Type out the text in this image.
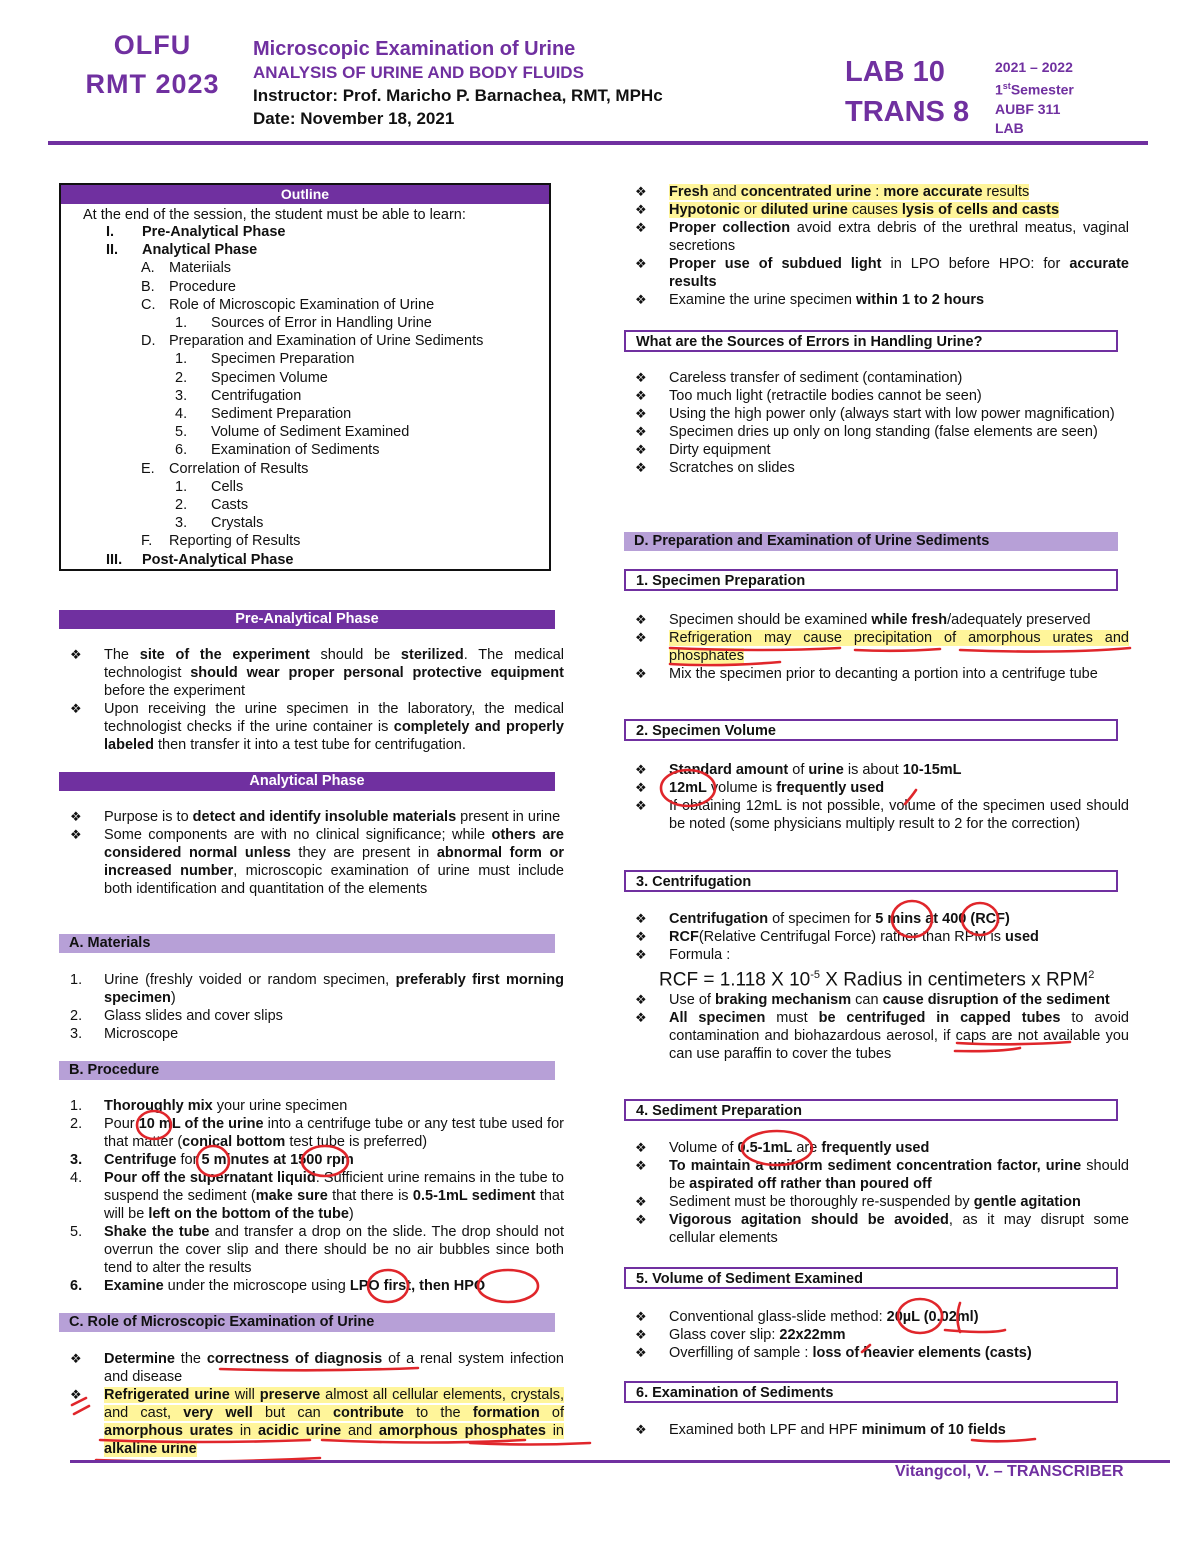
OLFU
RMT 2023
Microscopic Examination of Urine
ANALYSIS OF URINE AND BODY FLUIDS
Instructor: Prof. Maricho P. Barnachea, RMT, MPHc
Date: November 18, 2021
LAB 10
TRANS 8
2021 – 2022
1stSemester
AUBF 311
LAB
Outline
At the end of the session, the student must be able to learn:
I. Pre-Analytical Phase
II. Analytical Phase
A. Materiials
B. Procedure
C. Role of Microscopic Examination of Urine
1. Sources of Error in Handling Urine
D. Preparation and Examination of Urine Sediments
1. Specimen Preparation
2. Specimen Volume
3. Centrifugation
4. Sediment Preparation
5. Volume of Sediment Examined
6. Examination of Sediments
E. Correlation of Results
1. Cells
2. Casts
3. Crystals
F. Reporting of Results
III. Post-Analytical Phase
Pre-Analytical Phase
❖ The site of the experiment should be sterilized. The medical technologist should wear proper personal protective equipment before the experiment
❖ Upon receiving the urine specimen in the laboratory, the medical technologist checks if the urine container is completely and properly labeled then transfer it into a test tube for centrifugation.
Analytical Phase
❖ Purpose is to detect and identify insoluble materials present in urine
❖ Some components are with no clinical significance; while others are considered normal unless they are present in abnormal form or increased number, microscopic examination of urine must include both identification and quantitation of the elements
A. Materials
1. Urine (freshly voided or random specimen, preferably first morning specimen)
2. Glass slides and cover slips
3. Microscope
B. Procedure
1. Thoroughly mix your urine specimen
2. Pour 10 mL of the urine into a centrifuge tube or any test tube used for that matter (conical bottom test tube is preferred)
3. Centrifuge for 5 minutes at 1500 rpm
4. Pour off the supernatant liquid. Sufficient urine remains in the tube to suspend the sediment (make sure that there is 0.5-1mL sediment that will be left on the bottom of the tube)
5. Shake the tube and transfer a drop on the slide. The drop should not overrun the cover slip and there should be no air bubbles since both tend to alter the results
6. Examine under the microscope using LPO first, then HPO
C. Role of Microscopic Examination of Urine
❖ Determine the correctness of diagnosis of a renal system infection and disease
❖ Refrigerated urine will preserve almost all cellular elements, crystals, and cast, very well but can contribute to the formation of amorphous urates in acidic urine and amorphous phosphates in alkaline urine
❖ Fresh and concentrated urine : more accurate results
❖ Hypotonic or diluted urine causes lysis of cells and casts
❖ Proper collection avoid extra debris of the urethral meatus, vaginal secretions
❖ Proper use of subdued light in LPO before HPO: for accurate results
❖ Examine the urine specimen within 1 to 2 hours
What are the Sources of Errors in Handling Urine?
❖ Careless transfer of sediment (contamination)
❖ Too much light (retractile bodies cannot be seen)
❖ Using the high power only (always start with low power magnification)
❖ Specimen dries up only on long standing (false elements are seen)
❖ Dirty equipment
❖ Scratches on slides
D. Preparation and Examination of Urine Sediments
1. Specimen Preparation
❖ Specimen should be examined while fresh/adequately preserved
❖ Refrigeration may cause precipitation of amorphous urates and phosphates
❖ Mix the specimen prior to decanting a portion into a centrifuge tube
2. Specimen Volume
❖ Standard amount of urine is about 10-15mL
❖ 12mL volume is frequently used
❖ If obtaining 12mL is not possible, volume of the specimen used should be noted (some physicians multiply result to 2 for the correction)
3. Centrifugation
❖ Centrifugation of specimen for 5 mins at 400 (RCF)
❖ RCF(Relative Centrifugal Force) rather than RPM is used
❖ Formula :
RCF = 1.118 X $10^{-5}$ X Radius in centimeters x RPM$^2$
❖ Use of braking mechanism can cause disruption of the sediment
❖ All specimen must be centrifuged in capped tubes to avoid contamination and biohazardous aerosol, if caps are not available you can use paraffin to cover the tubes
4. Sediment Preparation
❖ Volume of 0.5-1mL are frequently used
❖ To maintain a uniform sediment concentration factor, urine should be aspirated off rather than poured off
❖ Sediment must be thoroughly re-suspended by gentle agitation
❖ Vigorous agitation should be avoided, as it may disrupt some cellular elements
5. Volume of Sediment Examined
❖ Conventional glass-slide method: 20µL (0.02ml)
❖ Glass cover slip: 22x22mm
❖ Overfilling of sample : loss of heavier elements (casts)
6. Examination of Sediments
❖ Examined both LPF and HPF minimum of 10 fields
Vitangcol, V. – TRANSCRIBER
